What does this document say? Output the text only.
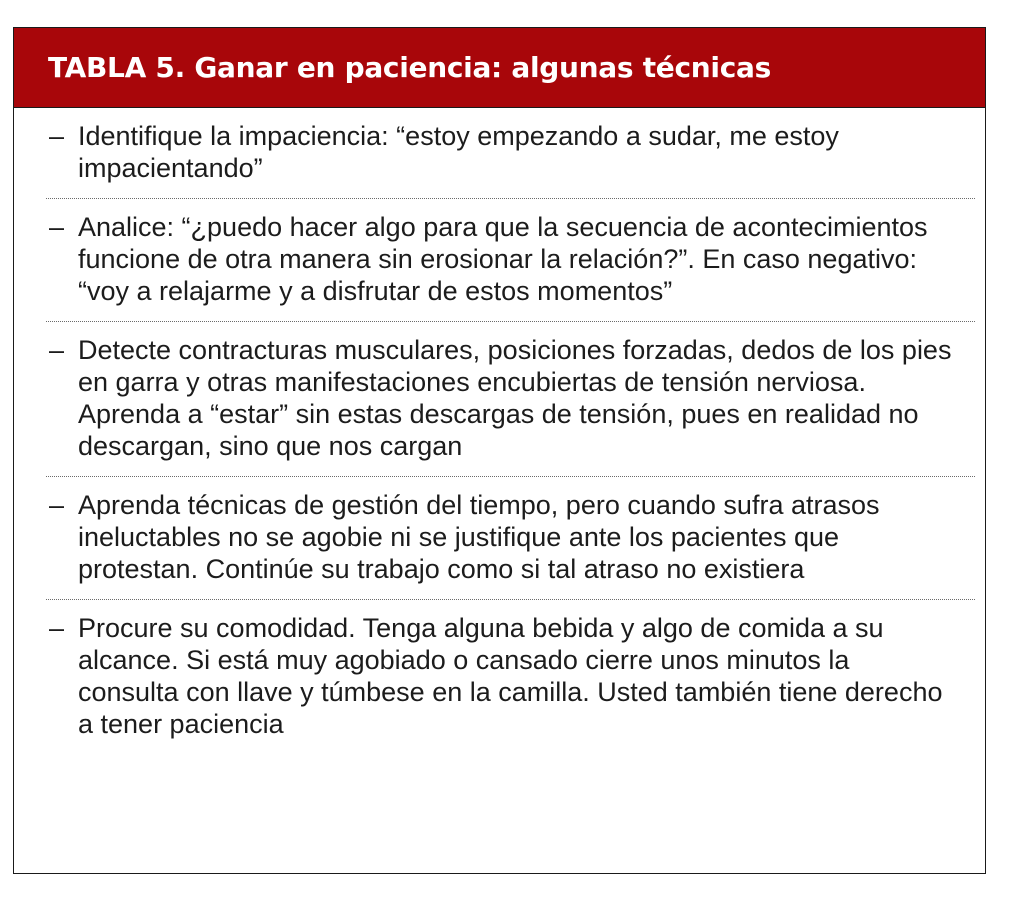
TABLA 5. Ganar en paciencia: algunas técnicas
– Identifique la impaciencia: “estoy empezando a sudar, me estoy impacientando”
– Analice: “¿puedo hacer algo para que la secuencia de acontecimientos funcione de otra manera sin erosionar la relación?”. En caso negativo: “voy a relajarme y a disfrutar de estos momentos”
– Detecte contracturas musculares, posiciones forzadas, dedos de los pies en garra y otras manifestaciones encubiertas de tensión nerviosa. Aprenda a “estar” sin estas descargas de tensión, pues en realidad no descargan, sino que nos cargan
– Aprenda técnicas de gestión del tiempo, pero cuando sufra atrasos ineluctables no se agobie ni se justifique ante los pacientes que protestan. Continúe su trabajo como si tal atraso no existiera
– Procure su comodidad. Tenga alguna bebida y algo de comida a su alcance. Si está muy agobiado o cansado cierre unos minutos la consulta con llave y túmbese en la camilla. Usted también tiene derecho a tener paciencia
